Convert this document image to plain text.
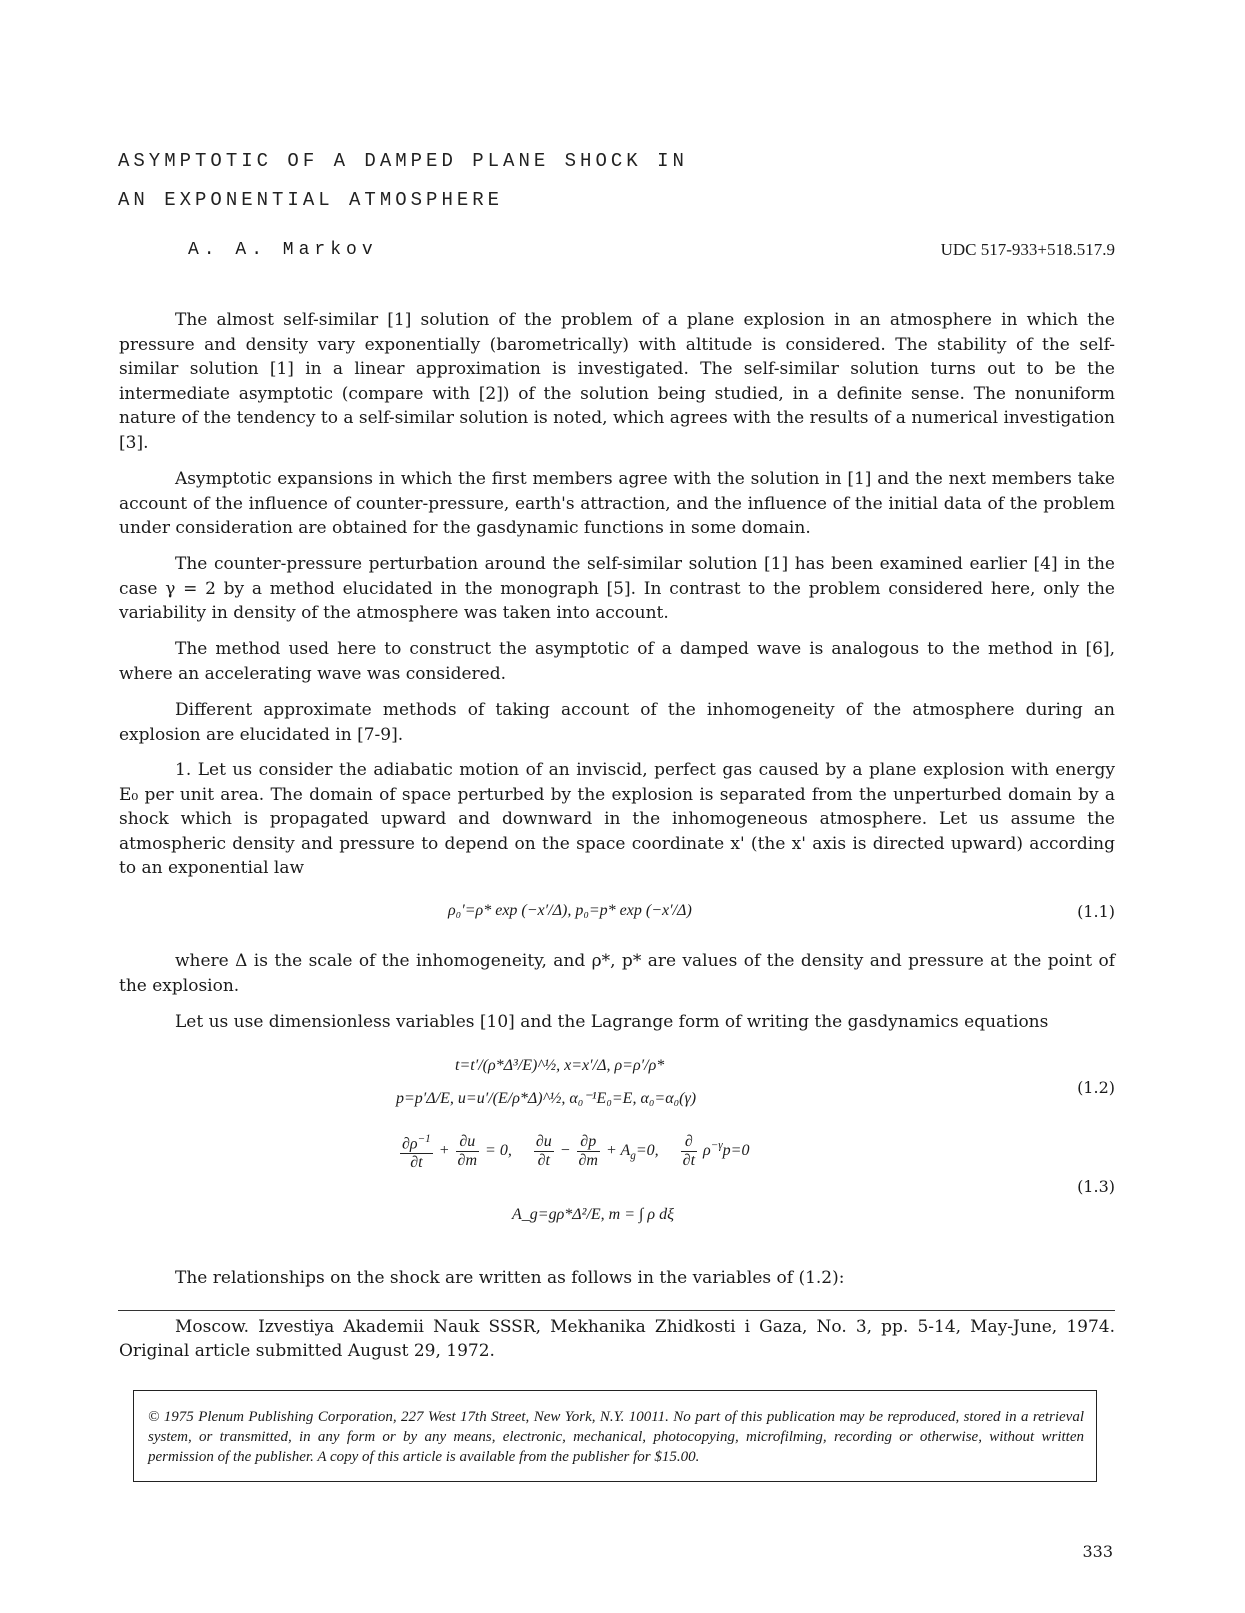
ASYMPTOTIC OF A DAMPED PLANE SHOCK IN
AN EXPONENTIAL ATMOSPHERE
A. A. Markov	UDC 517-933+518.517.9

The almost self-similar [1] solution of the problem of a plane explosion in an atmosphere in which the pressure and density vary exponentially (barometrically) with altitude is considered. The stability of the self-similar solution [1] in a linear approximation is investigated. The self-similar solution turns out to be the intermediate asymptotic (compare with [2]) of the solution being studied, in a definite sense. The nonuniform nature of the tendency to a self-similar solution is noted, which agrees with the results of a numerical investigation [3].

Asymptotic expansions in which the first members agree with the solution in [1] and the next members take account of the influence of counter-pressure, earth's attraction, and the influence of the initial data of the problem under consideration are obtained for the gasdynamic functions in some domain.

The counter-pressure perturbation around the self-similar solution [1] has been examined earlier [4] in the case γ = 2 by a method elucidated in the monograph [5]. In contrast to the problem considered here, only the variability in density of the atmosphere was taken into account.

The method used here to construct the asymptotic of a damped wave is analogous to the method in [6], where an accelerating wave was considered.

Different approximate methods of taking account of the inhomogeneity of the atmosphere during an explosion are elucidated in [7-9].

1. Let us consider the adiabatic motion of an inviscid, perfect gas caused by a plane explosion with energy E₀ per unit area. The domain of space perturbed by the explosion is separated from the unperturbed domain by a shock which is propagated upward and downward in the inhomogeneous atmosphere. Let us assume the atmospheric density and pressure to depend on the space coordinate x' (the x' axis is directed upward) according to an exponential law

ρ₀′=ρ* exp (−x′/Δ), p₀=p* exp (−x′/Δ)	(1.1)

where Δ is the scale of the inhomogeneity, and ρ*, p* are values of the density and pressure at the point of the explosion.

Let us use dimensionless variables [10] and the Lagrange form of writing the gasdynamics equations

t=t′/(ρ*Δ³/E)^½, x=x′/Δ, ρ=ρ′/ρ*
p=p′Δ/E, u=u′/(E/ρ*Δ)^½, α₀⁻¹E₀=E, α₀=α₀(γ)
(1.2)
$\frac{\partial\rho^{-1}}{\partial t} + \frac{\partial u}{\partial m} = 0$, $\frac{\partial u}{\partial t} - \frac{\partial p}{\partial m} + A_g=0$, $\frac{\partial}{\partial t} \rho^{-\gamma}p=0$
A_g=gρ*Δ²/E, m = ∫ ρ dξ
(1.3)

The relationships on the shock are written as follows in the variables of (1.2):

Moscow. Izvestiya Akademii Nauk SSSR, Mekhanika Zhidkosti i Gaza, No. 3, pp. 5-14, May-June, 1974. Original article submitted August 29, 1972.

© 1975 Plenum Publishing Corporation, 227 West 17th Street, New York, N.Y. 10011. No part of this publication may be reproduced, stored in a retrieval system, or transmitted, in any form or by any means, electronic, mechanical, photocopying, microfilming, recording or otherwise, without written permission of the publisher. A copy of this article is available from the publisher for $15.00.
333
